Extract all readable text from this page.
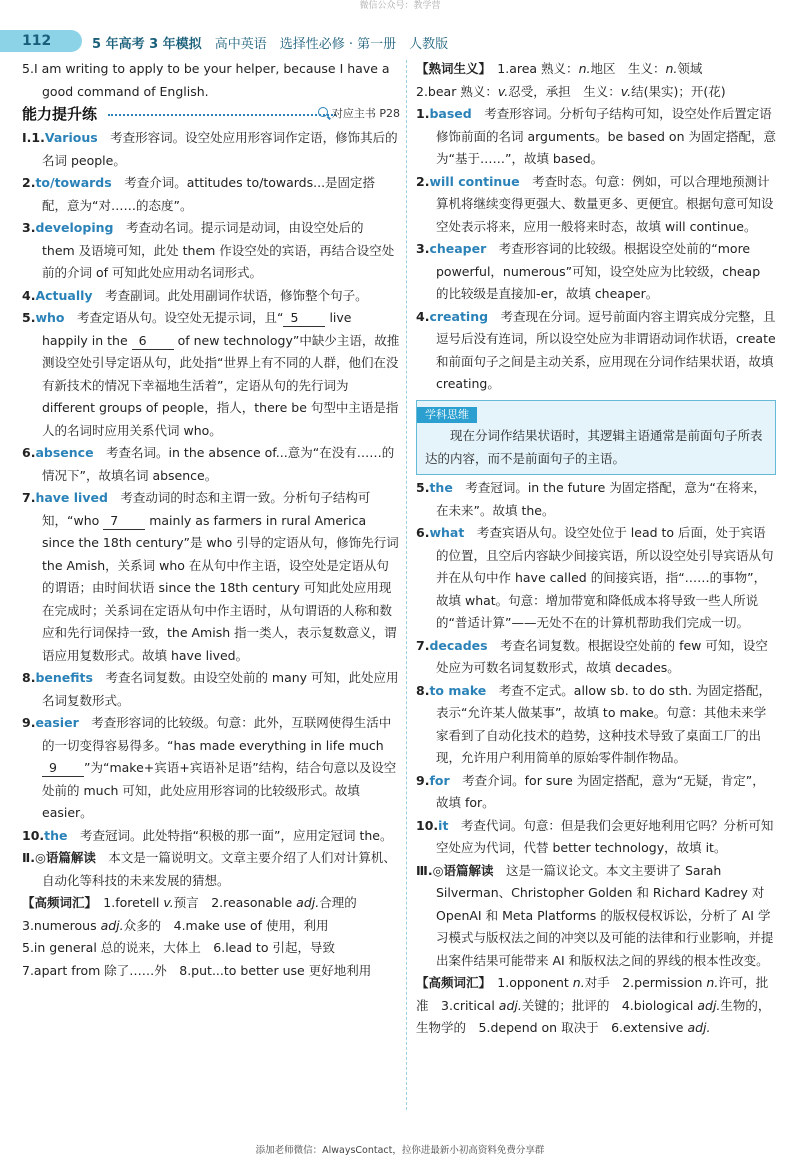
微信公众号：教学营
112	5 年高考 3 年模拟　 高中英语　选择性必修 · 第一册　人教版

5.I am writing to apply to be your helper, because I have a good command of English.

能力提升练	对应主书 P28

Ⅰ.1.Various　考查形容词。设空处应用形容词作定语，修饰其后的名词 people。

2.to/towards　考查介词。attitudes to/towards...是固定搭配，意为“对……的态度”。

3.developing　考查动名词。提示词是动词，由设空处后的 them 及语境可知，此处 them 作设空处的宾语，再结合设空处前的介词 of 可知此处应用动名词形式。

4.Actually　考查副词。此处用副词作状语，修饰整个句子。

5.who　考查定语从句。设空处无提示词，且“ 5 live happily in the 6 of new technology”中缺少主语，故推测设空处引导定语从句，此处指“世界上有不同的人群，他们在没有新技术的情况下幸福地生活着”，定语从句的先行词为 different groups of people，指人，there be 句型中主语是指人的名词时应用关系代词 who。

6.absence　考查名词。in the absence of...意为“在没有……的情况下”，故填名词 absence。

7.have lived　考查动词的时态和主谓一致。分析句子结构可知，“who 7 mainly as farmers in rural America since the 18th century”是 who 引导的定语从句，修饰先行词 the Amish，关系词 who 在从句中作主语，设空处是定语从句的谓语；由时间状语 since the 18th century 可知此处应用现在完成时；关系词在定语从句中作主语时，从句谓语的人称和数应和先行词保持一致，the Amish 指一类人，表示复数意义，谓语应用复数形式。故填 have lived。

8.benefits　考查名词复数。由设空处前的 many 可知，此处应用名词复数形式。

9.easier　考查形容词的比较级。句意：此外，互联网使得生活中的一切变得容易得多。“has made everything in life much 9 ”为“make+宾语+宾语补足语”结构，结合句意以及设空处前的 much 可知，此处应用形容词的比较级形式。故填 easier。

10.the　考查冠词。此处特指“积极的那一面”，应用定冠词 the。

Ⅱ.◎语篇解读　本文是一篇说明文。文章主要介绍了人们对计算机、自动化等科技的未来发展的猜想。

【高频词汇】　 1.foretell v.预言　2.reasonable adj.合理的
3.numerous adj.众多的　4.make use of 使用，利用
5.in general 总的说来，大体上　6.lead to 引起，导致
7.apart from 除了……外　8.put...to better use 更好地利用

【熟词生义】　 1.area 熟义：n.地区　生义：n.领域
2.bear 熟义：v.忍受，承担　生义：v.结(果实)；开(花)

1.based　考查形容词。分析句子结构可知，设空处作后置定语修饰前面的名词 arguments。be based on 为固定搭配，意为“基于……”，故填 based。

2.will continue　考查时态。句意：例如，可以合理地预测计算机将继续变得更强大、数量更多、更便宜。根据句意可知设空处表示将来，应用一般将来时态，故填 will continue。

3.cheaper　考查形容词的比较级。根据设空处前的“more powerful，numerous”可知，设空处应为比较级，cheap 的比较级是直接加-er，故填 cheaper。

4.creating　考查现在分词。逗号前面内容主谓宾成分完整，且逗号后没有连词，所以设空处应为非谓语动词作状语，create 和前面句子之间是主动关系，应用现在分词作结果状语，故填 creating。

学科思维

现在分词作结果状语时，其逻辑主语通常是前面句子所表达的内容，而不是前面句子的主语。

5.the　考查冠词。in the future 为固定搭配，意为“在将来，在未来”。故填 the。

6.what　考查宾语从句。设空处位于 lead to 后面，处于宾语的位置，且空后内容缺少间接宾语，所以设空处引导宾语从句并在从句中作 have called 的间接宾语，指“……的事物”，故填 what。句意：增加带宽和降低成本将导致一些人所说的“普适计算”——无处不在的计算机帮助我们完成一切。

7.decades　考查名词复数。根据设空处前的 few 可知，设空处应为可数名词复数形式，故填 decades。

8.to make　考查不定式。allow sb. to do sth. 为固定搭配，表示“允许某人做某事”，故填 to make。句意：其他未来学家看到了自动化技术的趋势，这种技术导致了桌面工厂的出现，允许用户利用简单的原始零件制作物品。

9.for　考查介词。for sure 为固定搭配，意为“无疑，肯定”，故填 for。

10.it　考查代词。句意：但是我们会更好地利用它吗？分析可知空处应为代词，代替 better technology，故填 it。

Ⅲ.◎语篇解读　这是一篇议论文。本文主要讲了 Sarah Silverman、Christopher Golden 和 Richard Kadrey 对 OpenAI 和 Meta Platforms 的版权侵权诉讼，分析了 AI 学习模式与版权法之间的冲突以及可能的法律和行业影响，并提出案件结果可能带来 AI 和版权法之间的界线的根本性改变。

【高频词汇】　 1.opponent n.对手　2.permission n.许可，批准　3.critical adj.关键的；批评的　4.biological adj.生物的，生物学的　5.depend on 取决于　6.extensive adj.

添加老师微信：AlwaysContact，拉你进最新小初高资料免费分享群
